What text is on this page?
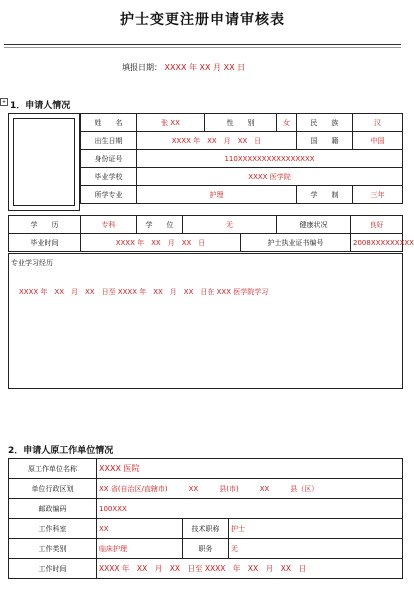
护士变更注册申请审核表
填报日期： XXXX 年 XX 月 XX 日
+ 1．申请人情况
姓　　名	张 XX	性　　别	女	民　　族	汉
出生日期	XXXX 年　XX　月　XX　日			国　　籍	中国
身份证号	110XXXXXXXXXXXXXXXX				
毕业学校	XXXX 医学院				
所学专业	护理			学　　制	三年
学　　历	专科	学　　位	无		健康状况	良好
毕业时间	XXXX 年　XX　月　XX　日			护士执业证书编号		2008XXXXXXXXX
专业学习经历
XXXX 年　XX　月　XX　日至 XXXX 年　XX　月　XX　日在 XXX 医学院学习
2．申请人原工作单位情况
原工作单位名称	XXXX 医院		
单位行政区划	XX 省(自治区/直辖市)　　　XX　　　县(市)　　　XX　　　县（区）		
邮政编码	100XXX		
工作科室	XX	技术职称	护士
工作类别	临床护理	职务	无
工作时间	XXXX 年　XX　月　XX　日至 XXXX　年　XX　月　XX　日		
